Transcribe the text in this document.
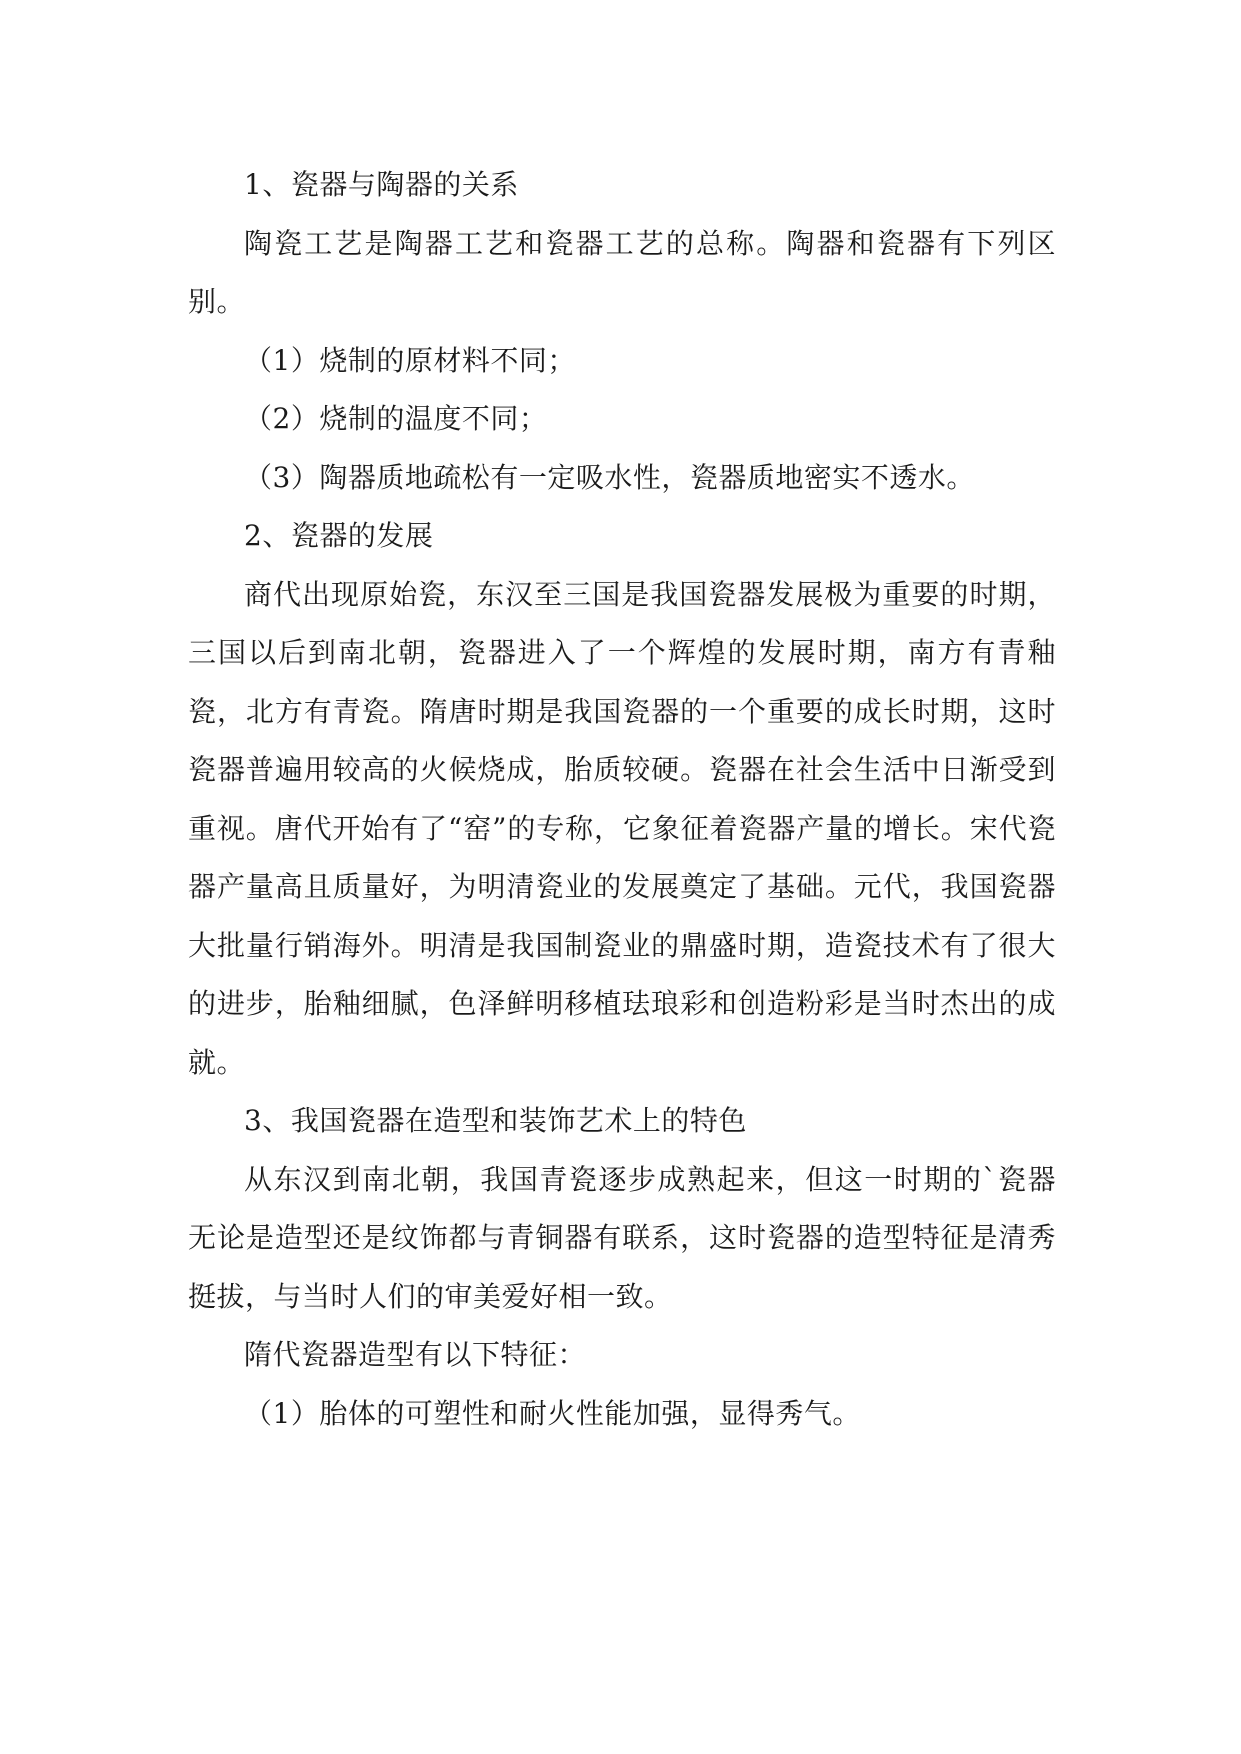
1、瓷器与陶器的关系

陶瓷工艺是陶器工艺和瓷器工艺的总称。陶器和瓷器有下列区别。

（1）烧制的原材料不同；

（2）烧制的温度不同；

（3）陶器质地疏松有一定吸水性，瓷器质地密实不透水。

2、瓷器的发展

商代出现原始瓷，东汉至三国是我国瓷器发展极为重要的时期，三国以后到南北朝，瓷器进入了一个辉煌的发展时期，南方有青釉瓷，北方有青瓷。隋唐时期是我国瓷器的一个重要的成长时期，这时瓷器普遍用较高的火候烧成，胎质较硬。瓷器在社会生活中日渐受到重视。唐代开始有了“窑”的专称，它象征着瓷器产量的增长。宋代瓷器产量高且质量好，为明清瓷业的发展奠定了基础。元代，我国瓷器大批量行销海外。明清是我国制瓷业的鼎盛时期，造瓷技术有了很大的进步，胎釉细腻，色泽鲜明移植珐琅彩和创造粉彩是当时杰出的成就。

3、我国瓷器在造型和装饰艺术上的特色

从东汉到南北朝，我国青瓷逐步成熟起来，但这一时期的`瓷器无论是造型还是纹饰都与青铜器有联系，这时瓷器的造型特征是清秀挺拔，与当时人们的审美爱好相一致。

隋代瓷器造型有以下特征：

（1）胎体的可塑性和耐火性能加强，显得秀气。
